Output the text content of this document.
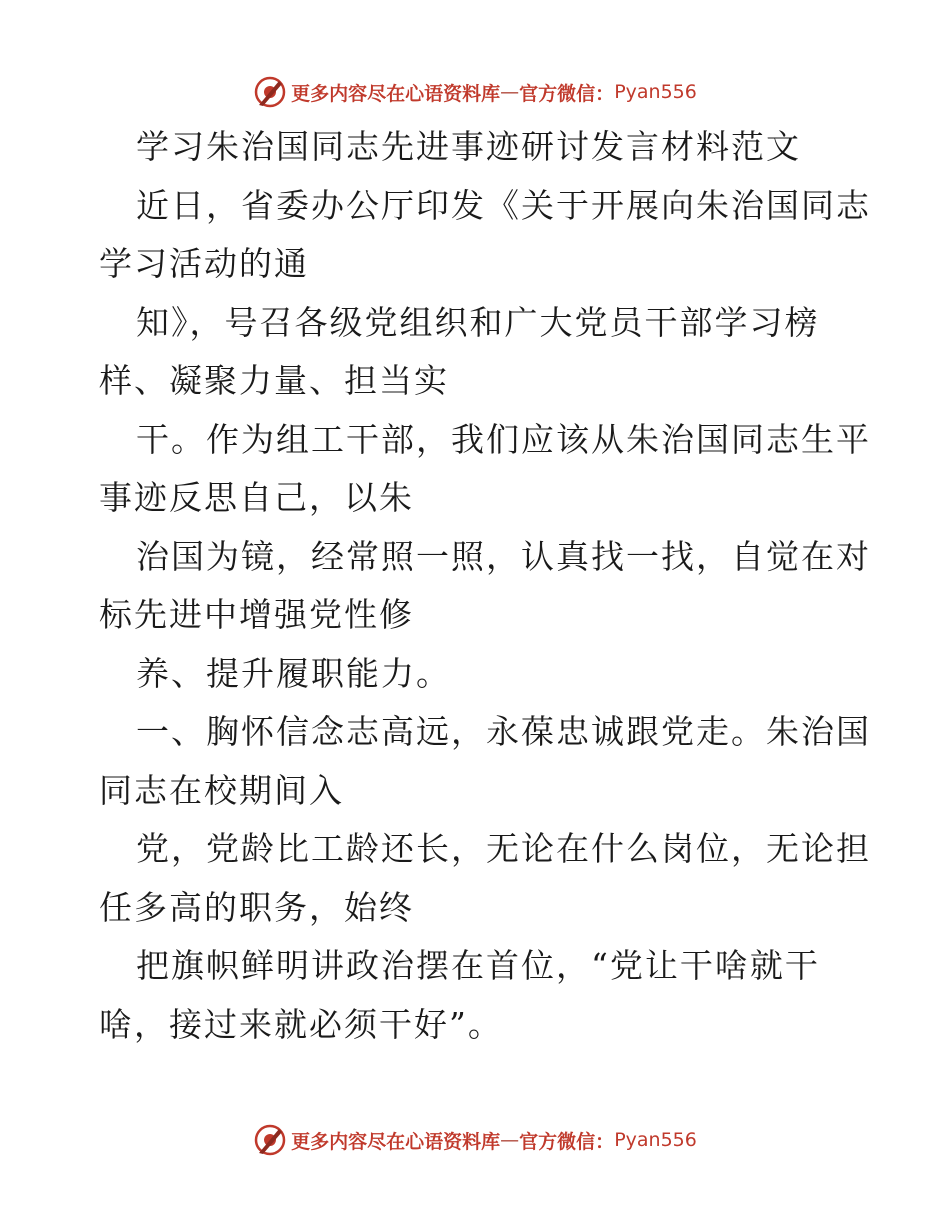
更多内容尽在心语资料库 — 官方微信： Pyan556

学习朱治国同志先进事迹研讨发言材料范文

近日，省委办公厅印发《关于开展向朱治国同志

学习活动的通

知》，号召各级党组织和广大党员干部学习榜

样、凝聚力量、担当实

干。作为组工干部，我们应该从朱治国同志生平

事迹反思自己，以朱

治国为镜，经常照一照，认真找一找，自觉在对

标先进中增强党性修

养、提升履职能力。

一、胸怀信念志高远，永葆忠诚跟党走。朱治国

同志在校期间入

党，党龄比工龄还长，无论在什么岗位，无论担

任多高的职务，始终

把旗帜鲜明讲政治摆在首位，“党让干啥就干

啥，接过来就必须干好”。

更多内容尽在心语资料库 — 官方微信： Pyan556
